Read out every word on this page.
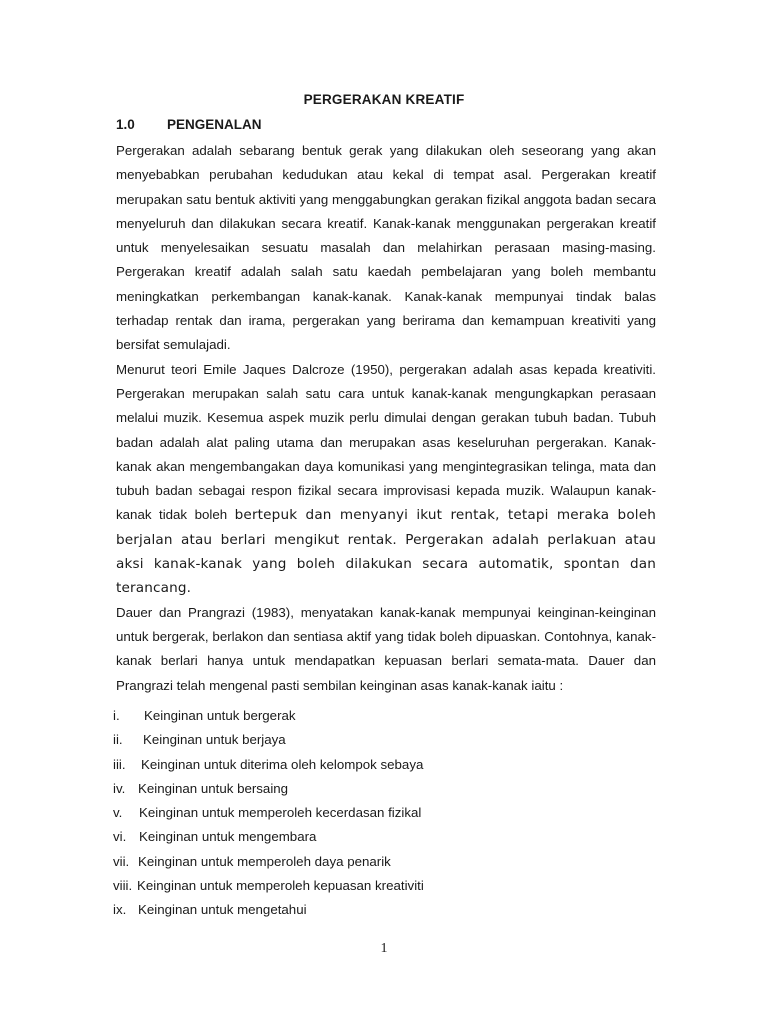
PERGERAKAN KREATIF
1.0 PENGENALAN

Pergerakan adalah sebarang bentuk gerak yang dilakukan oleh seseorang yang akan menyebabkan perubahan kedudukan atau kekal di tempat asal. Pergerakan kreatif merupakan satu bentuk aktiviti yang menggabungkan gerakan fizikal anggota badan secara menyeluruh dan dilakukan secara kreatif. Kanak-kanak menggunakan pergerakan kreatif untuk menyelesaikan sesuatu masalah dan melahirkan perasaan masing-masing. Pergerakan kreatif adalah salah satu kaedah pembelajaran yang boleh membantu meningkatkan perkembangan kanak-kanak. Kanak-kanak mempunyai tindak balas terhadap rentak dan irama, pergerakan yang berirama dan kemampuan kreativiti yang bersifat semulajadi.

Menurut teori Emile Jaques Dalcroze (1950), pergerakan adalah asas kepada kreativiti. Pergerakan merupakan salah satu cara untuk kanak-kanak mengungkapkan perasaan melalui muzik. Kesemua aspek muzik perlu dimulai dengan gerakan tubuh badan. Tubuh badan adalah alat paling utama dan merupakan asas keseluruhan pergerakan. Kanak-kanak akan mengembangakan daya komunikasi yang mengintegrasikan telinga, mata dan tubuh badan sebagai respon fizikal secara improvisasi kepada muzik. Walaupun kanak-kanak tidak boleh bertepuk dan menyanyi ikut rentak, tetapi meraka boleh berjalan atau berlari mengikut rentak. Pergerakan adalah perlakuan atau aksi kanak-kanak yang boleh dilakukan secara automatik, spontan dan terancang.

Dauer dan Prangrazi (1983), menyatakan kanak-kanak mempunyai keinginan-keinginan untuk bergerak, berlakon dan sentiasa aktif yang tidak boleh dipuaskan. Contohnya, kanak-kanak berlari hanya untuk mendapatkan kepuasan berlari semata-mata. Dauer dan Prangrazi telah mengenal pasti sembilan keinginan asas kanak-kanak iaitu :

i. Keinginan untuk bergerak
ii. Keinginan untuk berjaya
iii. Keinginan untuk diterima oleh kelompok sebaya
iv. Keinginan untuk bersaing
v. Keinginan untuk memperoleh kecerdasan fizikal
vi. Keinginan untuk mengembara
vii. Keinginan untuk memperoleh daya penarik
viii. Keinginan untuk memperoleh kepuasan kreativiti
ix. Keinginan untuk mengetahui
1
